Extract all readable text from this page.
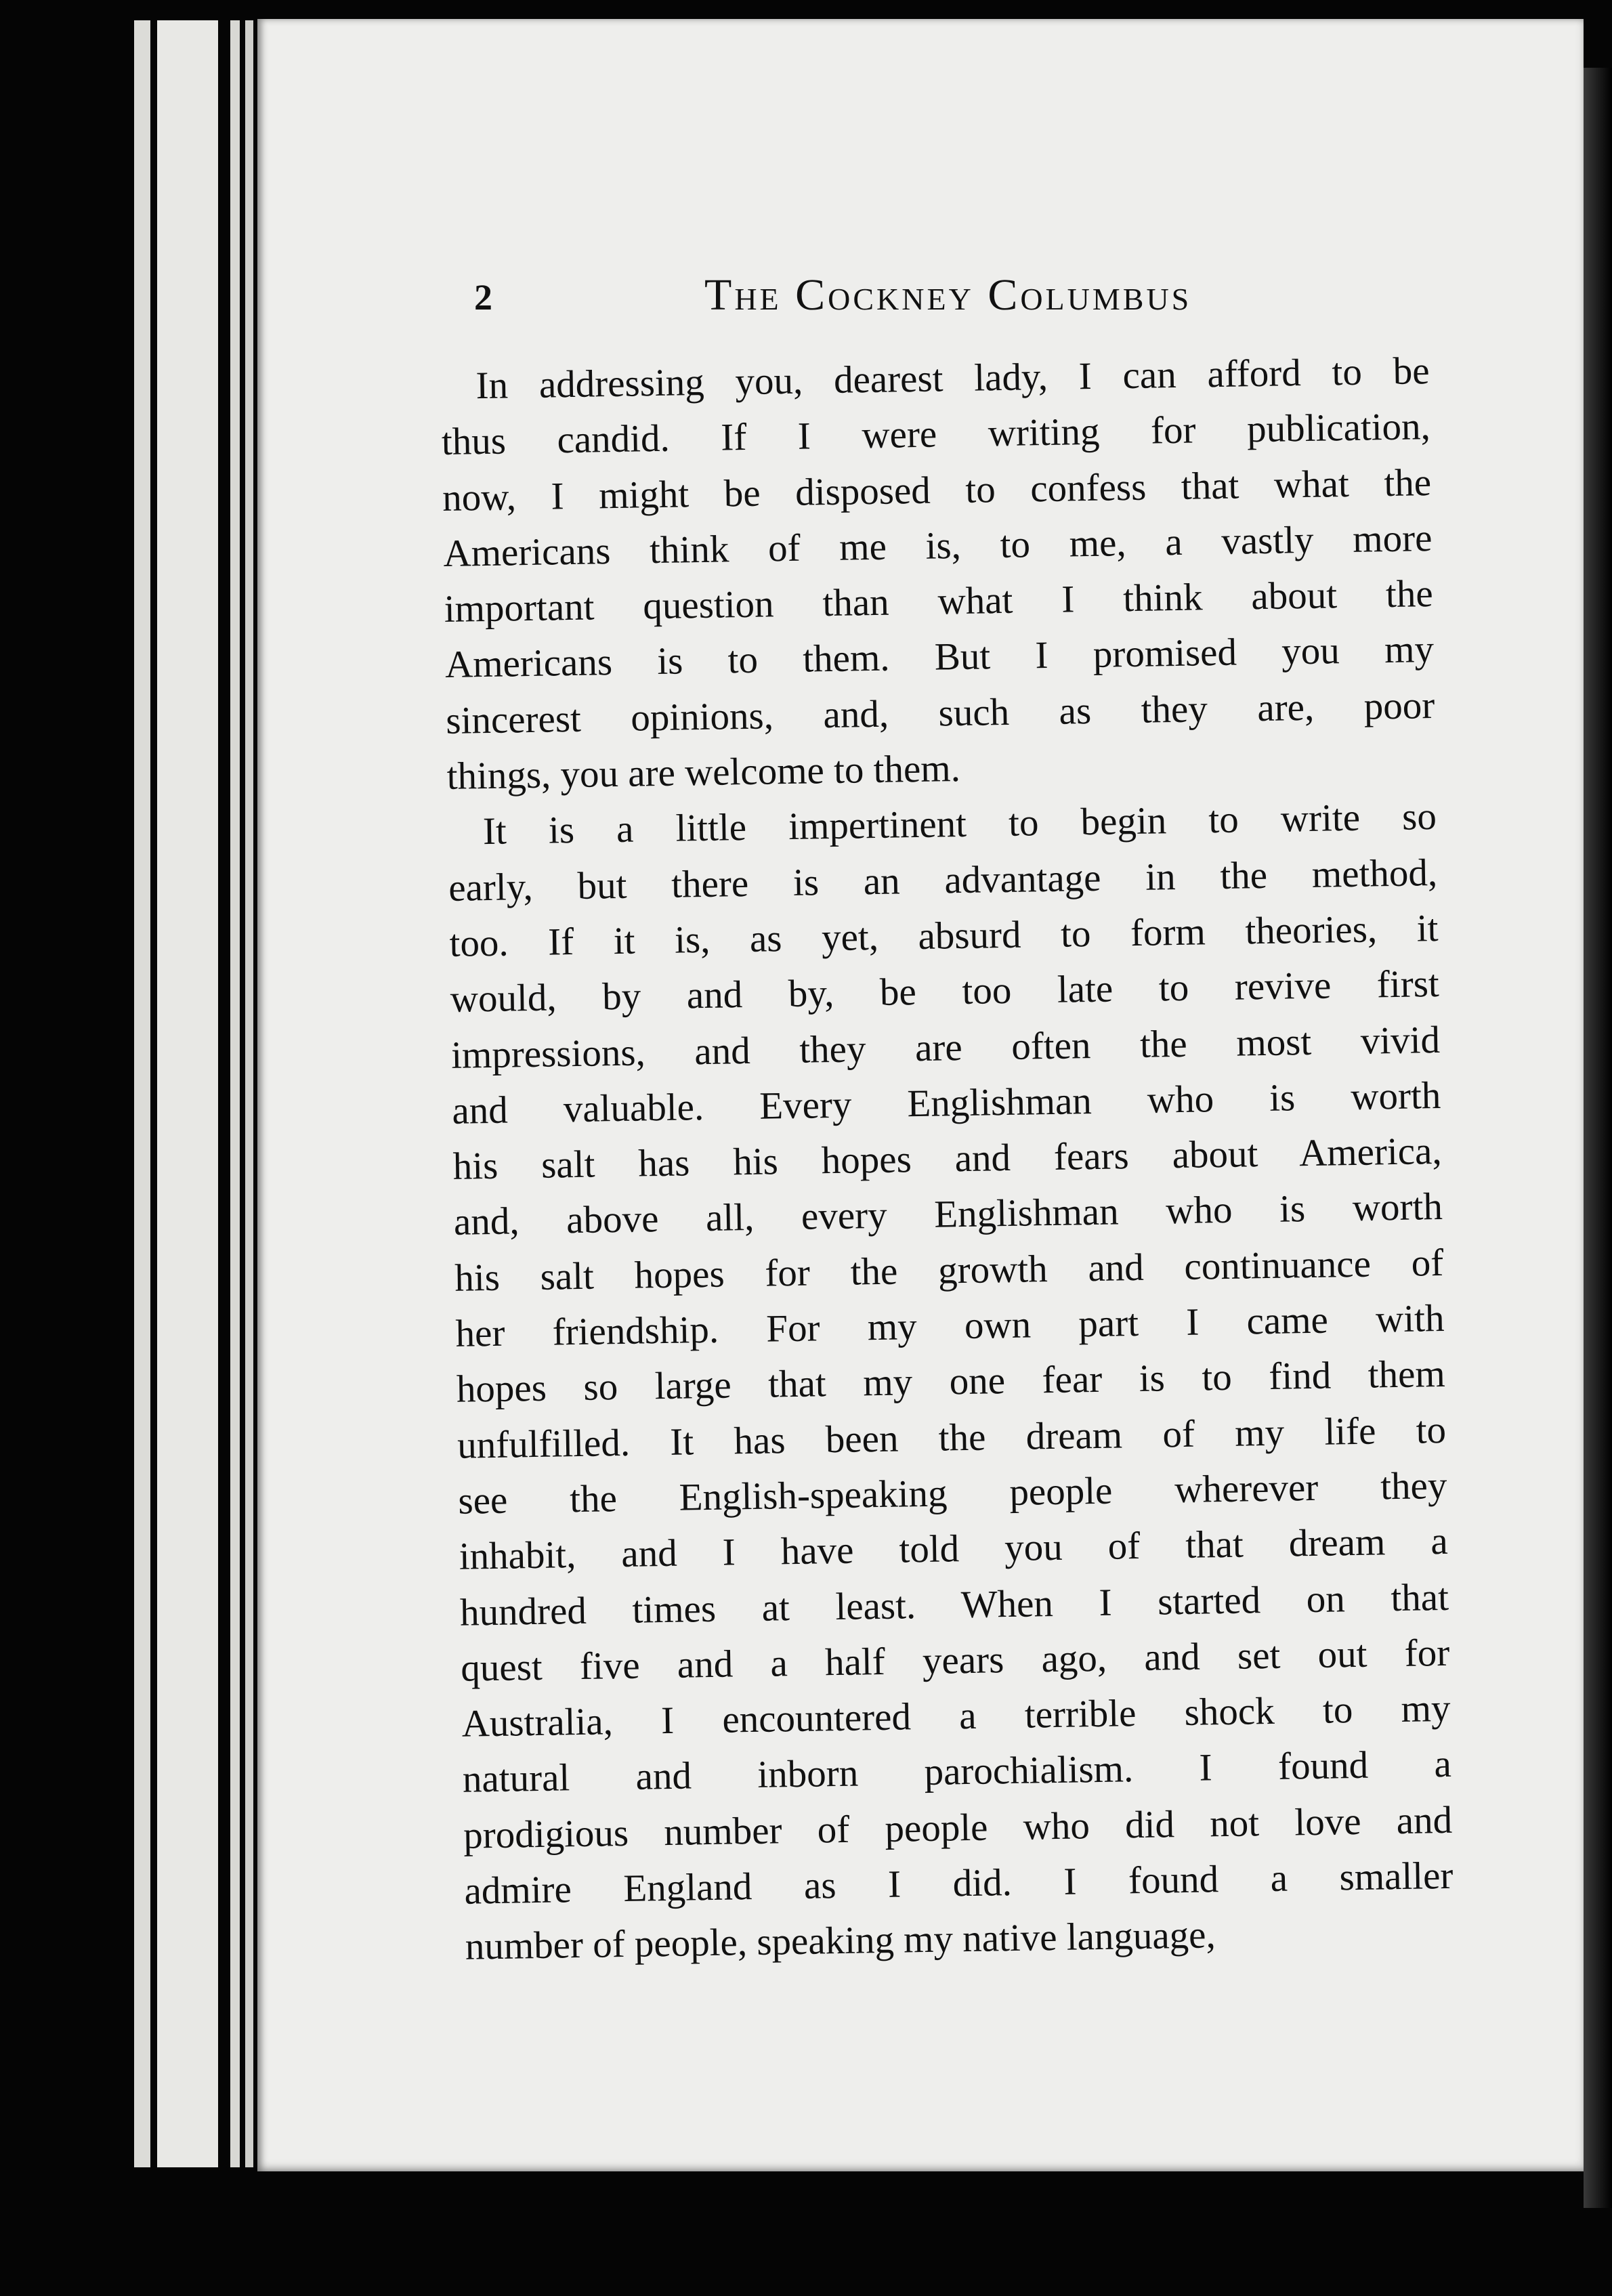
2	The Cockney Columbus
In addressing you, dearest lady, I can afford to be
thus candid. If I were writing for publication,
now, I might be disposed to confess that what the
Americans think of me is, to me, a vastly more
important question than what I think about the
Americans is to them. But I promised you my
sincerest opinions, and, such as they are, poor
things, you are welcome to them.
It is a little impertinent to begin to write so
early, but there is an advantage in the method,
too. If it is, as yet, absurd to form theories, it
would, by and by, be too late to revive first
impressions, and they are often the most vivid
and valuable. Every Englishman who is worth
his salt has his hopes and fears about America,
and, above all, every Englishman who is worth
his salt hopes for the growth and continuance of
her friendship. For my own part I came with
hopes so large that my one fear is to find them
unfulfilled. It has been the dream of my life to
see the English-speaking people wherever they
inhabit, and I have told you of that dream a
hundred times at least. When I started on that
quest five and a half years ago, and set out for
Australia, I encountered a terrible shock to my
natural and inborn parochialism. I found a
prodigious number of people who did not love and
admire England as I did. I found a smaller
number of people, speaking my native language,
